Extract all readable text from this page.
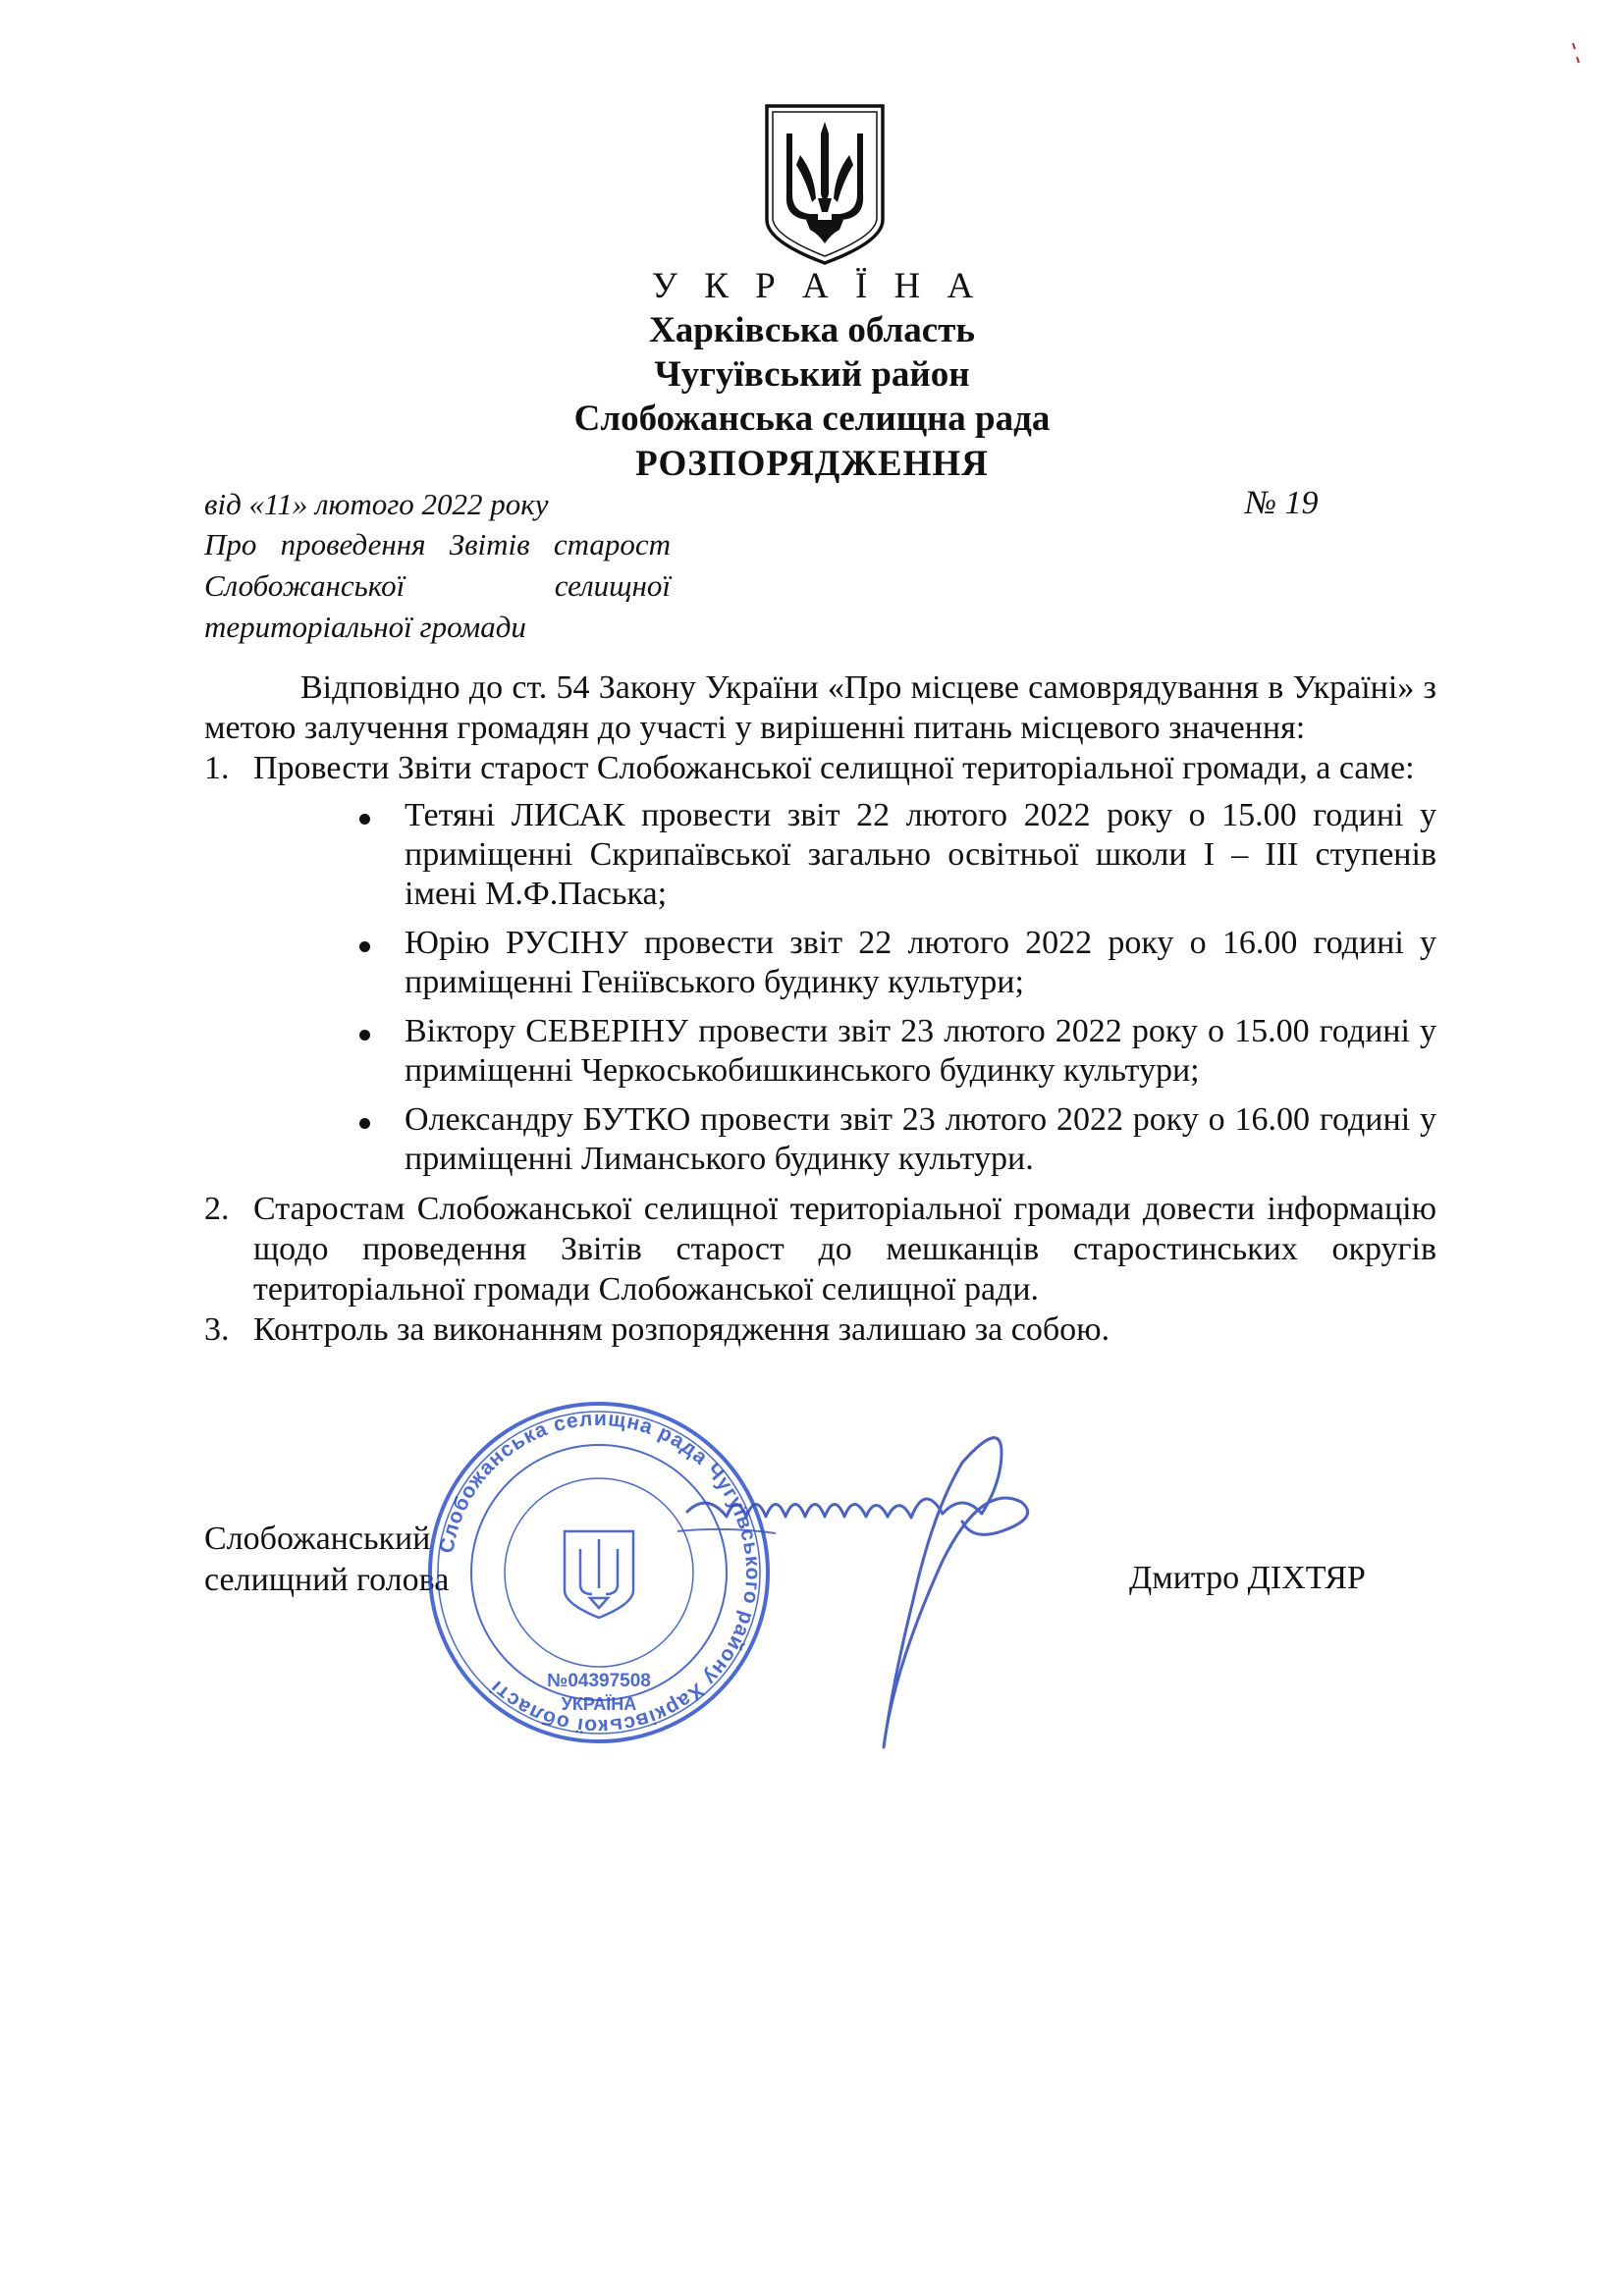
У К Р А Ї Н А
Харківська область
Чугуївський район
Слобожанська селищна рада
РОЗПОРЯДЖЕННЯ
від «11» лютого 2022 року	№ 19
Про проведення Звітів старост
Слобожанської селищної
територіальної громади

Відповідно до ст. 54 Закону України «Про місцеве самоврядування в Україні» з метою залучення громадян до участі у вирішенні питань місцевого значення:

1. Провести Звіти старост Слобожанської селищної територіальної громади, а саме:
Тетяні ЛИСАК провести звіт 22 лютого 2022 року о 15.00 годині у приміщенні Скрипаївської загально освітньої школи І – ІІІ ступенів імені М.Ф.Паська;
Юрію РУСІНУ провести звіт 22 лютого 2022 року о 16.00 годині у приміщенні Геніївського будинку культури;
Віктору СЕВЕРІНУ провести звіт 23 лютого 2022 року о 15.00 годині у приміщенні Черкоськобишкинського будинку культури;
Олександру БУТКО провести звіт 23 лютого 2022 року о 16.00 годині у приміщенні Лиманського будинку культури.
2. Старостам Слобожанської селищної територіальної громади довести інформацію щодо проведення Звітів старост до мешканців старостинських округів територіальної громади Слобожанської селищної ради.
3. Контроль за виконанням розпорядження залишаю за собою.
Слобожанський
селищний голова	Дмитро ДІХТЯР
Слобожанська селищна рада Чугуївського району Харківської області	№04397508
УКРАЇНА
